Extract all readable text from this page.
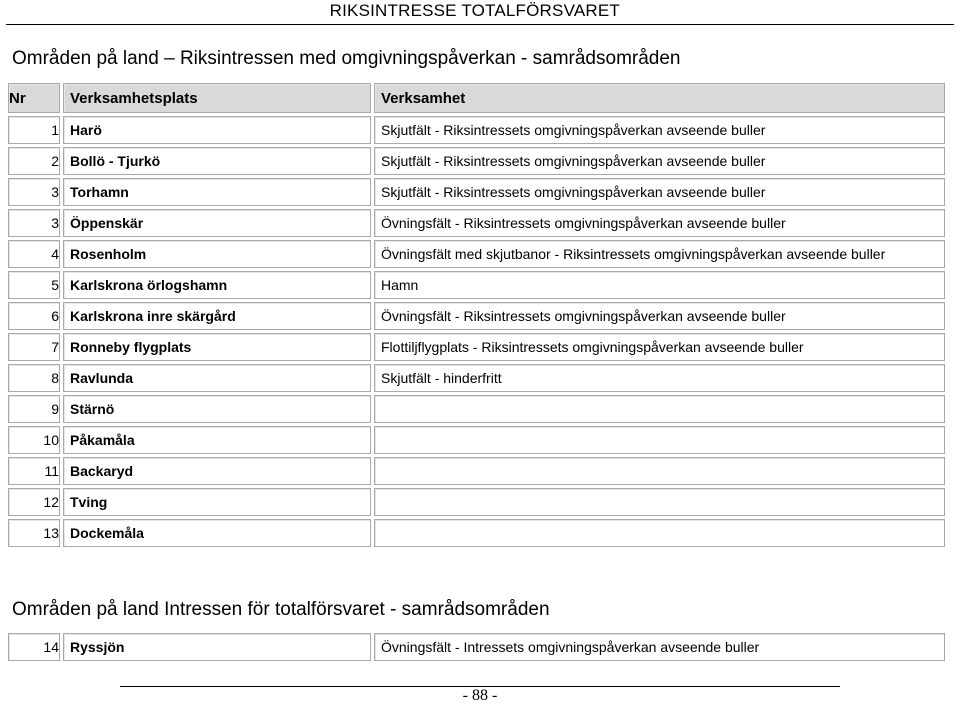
RIKSINTRESSE TOTALFÖRSVARET
Områden på land – Riksintressen med omgivningspåverkan - samrådsområden
Nr	Verksamhetsplats	Verksamhet
1	Harö	Skjutfält - Riksintressets omgivningspåverkan avseende buller
2	Bollö - Tjurkö	Skjutfält - Riksintressets omgivningspåverkan avseende buller
3	Torhamn	Skjutfält - Riksintressets omgivningspåverkan avseende buller
3	Öppenskär	Övningsfält - Riksintressets omgivningspåverkan avseende buller
4	Rosenholm	Övningsfält med skjutbanor - Riksintressets omgivningspåverkan avseende buller
5	Karlskrona örlogshamn	Hamn
6	Karlskrona inre skärgård	Övningsfält - Riksintressets omgivningspåverkan avseende buller
7	Ronneby flygplats	Flottiljflygplats - Riksintressets omgivningspåverkan avseende buller
8	Ravlunda	Skjutfält - hinderfritt
9	Stärnö	
10	Påkamåla	
11	Backaryd	
12	Tving	
13	Dockemåla	
Områden på land Intressen för totalförsvaret - samrådsområden
14	Ryssjön	Övningsfält - Intressets omgivningspåverkan avseende buller
- 88 -
